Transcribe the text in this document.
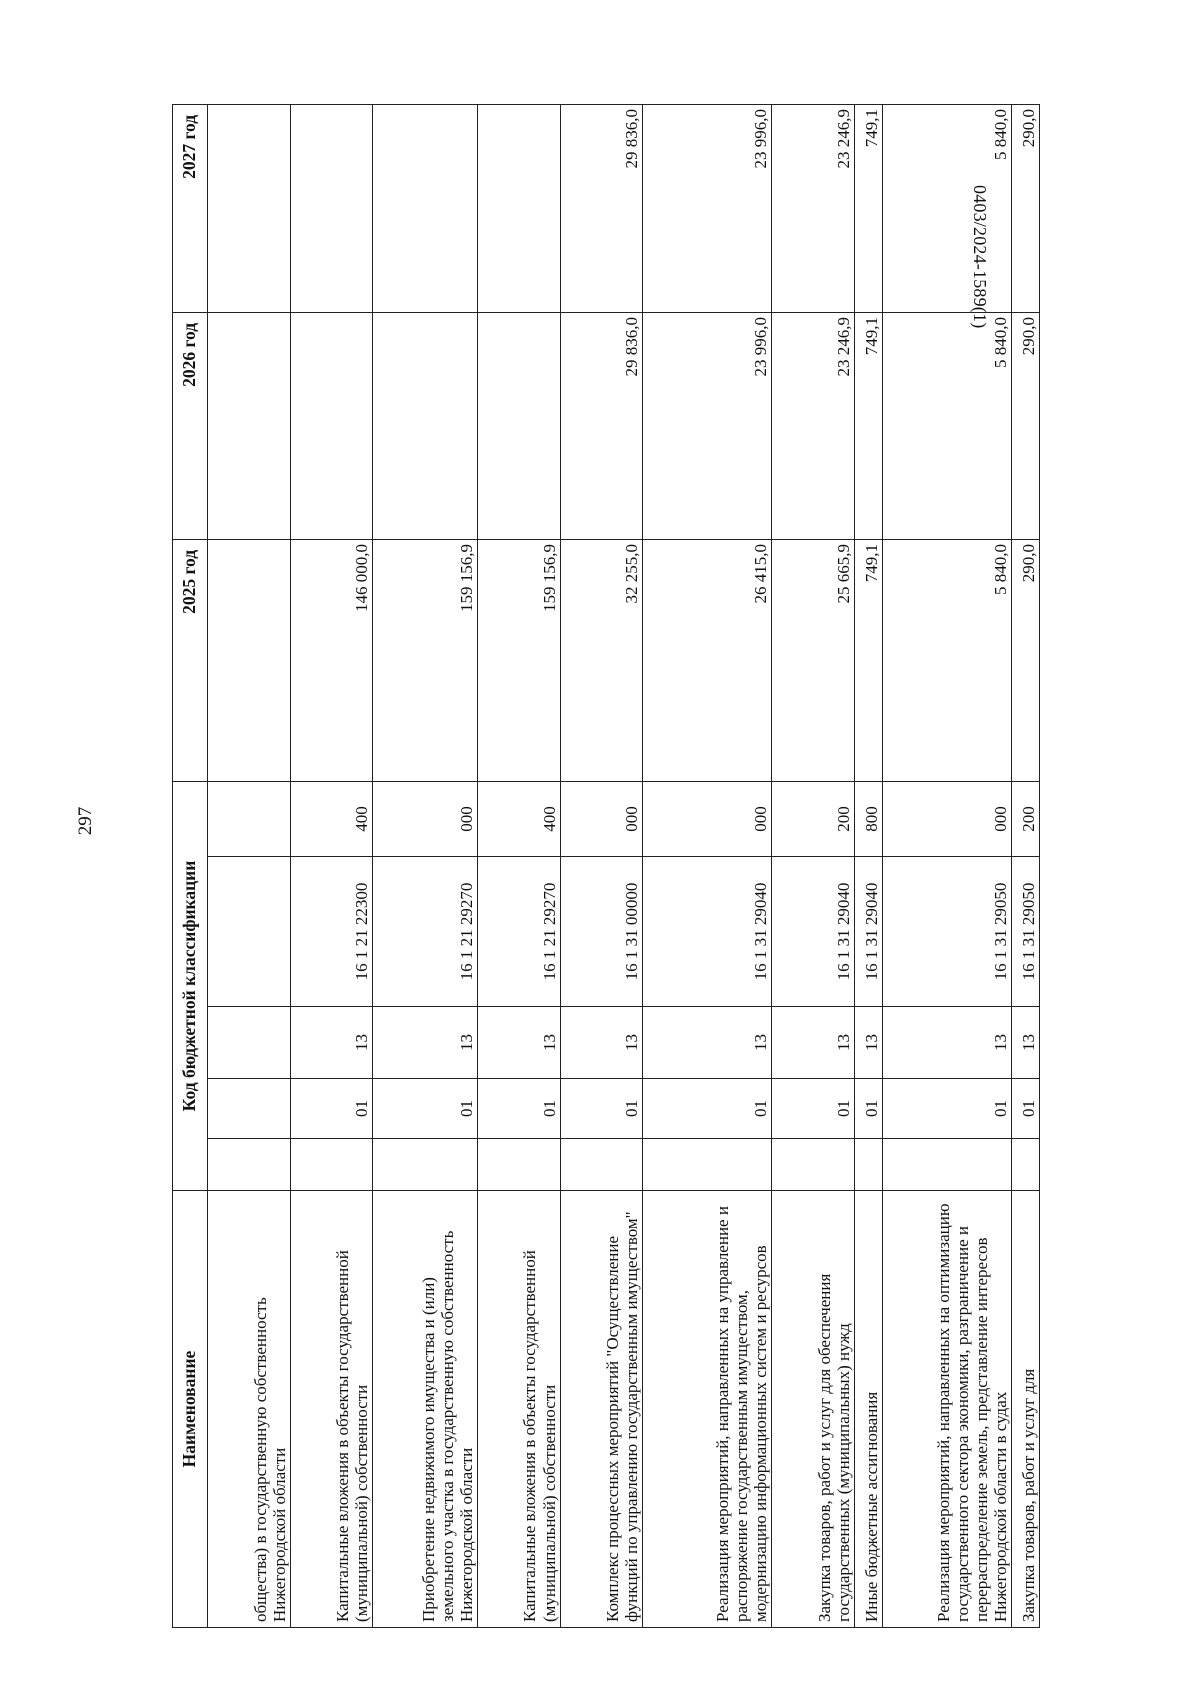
297
0403/2024-1589(1)
Наименование	Код бюджетной классификации					2025 год	2026 год	2027 год
общества) в государственную собственность Нижегородской области								
Капитальные вложения в объекты государственной (муниципальной) собственности		01	13	16 1 21 22300	400	146 000,0		
Приобретение недвижимого имущества и (или) земельного участка в государственную собственность Нижегородской области		01	13	16 1 21 29270	000	159 156,9		
Капитальные вложения в объекты государственной (муниципальной) собственности		01	13	16 1 21 29270	400	159 156,9		
Комплекс процессных мероприятий "Осуществление функций по управлению государственным имуществом"		01	13	16 1 31 00000	000	32 255,0	29 836,0	29 836,0
Реализация мероприятий, направленных на управление и распоряжение государственным имуществом, модернизацию информационных систем и ресурсов		01	13	16 1 31 29040	000	26 415,0	23 996,0	23 996,0
Закупка товаров, работ и услуг для обеспечения государственных (муниципальных) нужд		01	13	16 1 31 29040	200	25 665,9	23 246,9	23 246,9
Иные бюджетные ассигнования		01	13	16 1 31 29040	800	749,1	749,1	749,1
Реализация мероприятий, направленных на оптимизацию государственного сектора экономики, разграничение и перераспределение земель, представление интересов Нижегородской области в судах		01	13	16 1 31 29050	000	5 840,0	5 840,0	5 840,0
Закупка товаров, работ и услуг для		01	13	16 1 31 29050	200	290,0	290,0	290,0
